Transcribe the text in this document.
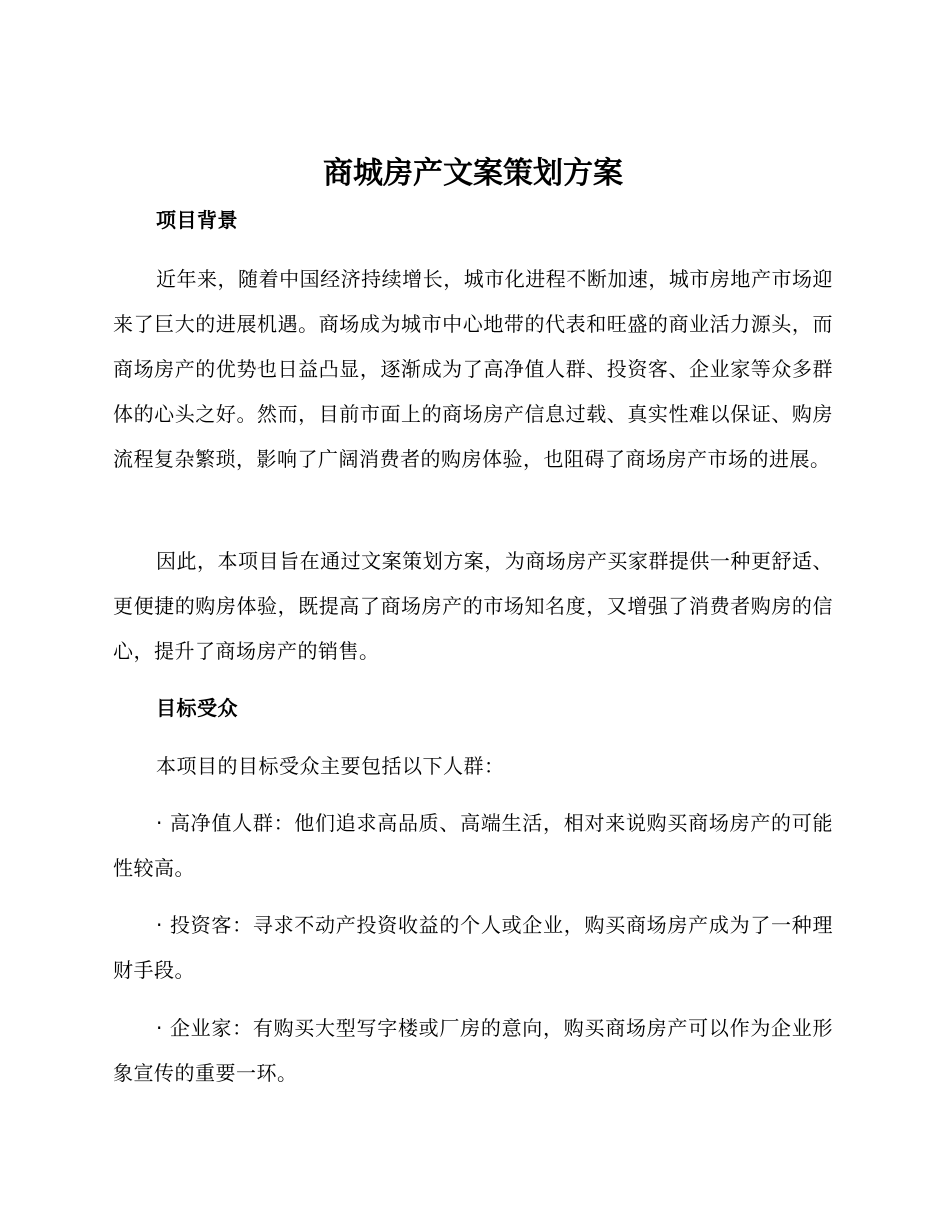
商城房产文案策划方案

项目背景

近年来，随着中国经济持续增长，城市化进程不断加速，城市房地产市场迎来了巨大的进展机遇。商场成为城市中心地带的代表和旺盛的商业活力源头，而商场房产的优势也日益凸显，逐渐成为了高净值人群、投资客、企业家等众多群体的心头之好。然而，目前市面上的商场房产信息过载、真实性难以保证、购房流程复杂繁琐，影响了广阔消费者的购房体验，也阻碍了商场房产市场的进展。

因此，本项目旨在通过文案策划方案，为商场房产买家群提供一种更舒适、更便捷的购房体验，既提高了商场房产的市场知名度，又增强了消费者购房的信心，提升了商场房产的销售。

目标受众

本项目的目标受众主要包括以下人群：

· 高净值人群：他们追求高品质、高端生活，相对来说购买商场房产的可能性较高。

· 投资客：寻求不动产投资收益的个人或企业，购买商场房产成为了一种理财手段。

· 企业家：有购买大型写字楼或厂房的意向，购买商场房产可以作为企业形象宣传的重要一环。
